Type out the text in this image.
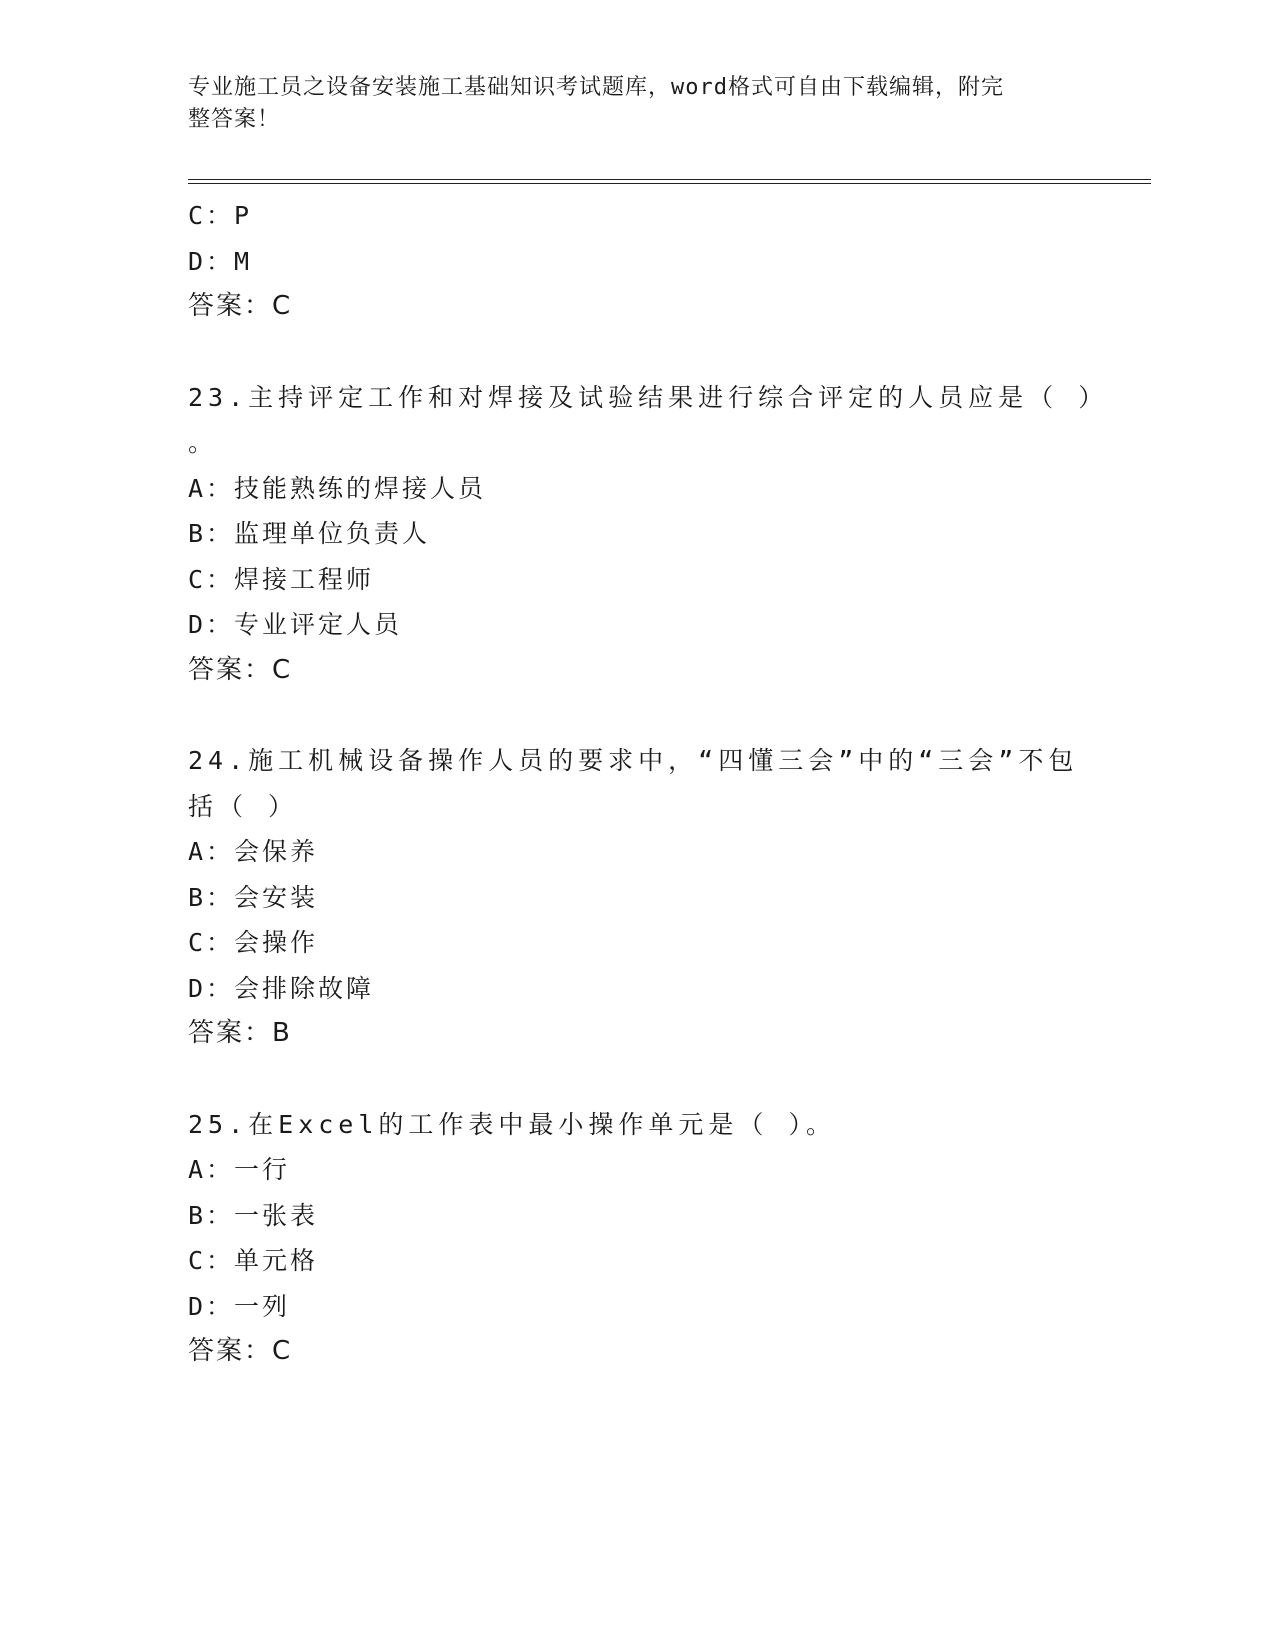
专业施工员之设备安装施工基础知识考试题库，word格式可自由下载编辑，附完
整答案！
C：P
D：M
答案：C
23.主持评定工作和对焊接及试验结果进行综合评定的人员应是（ ）
。
A：技能熟练的焊接人员
B：监理单位负责人
C：焊接工程师
D：专业评定人员
答案：C
24.施工机械设备操作人员的要求中，“四懂三会”中的“三会”不包
括（ ）
A：会保养
B：会安装
C：会操作
D：会排除故障
答案：B
25.在Excel的工作表中最小操作单元是（ ）。
A：一行
B：一张表
C：单元格
D：一列
答案：C
